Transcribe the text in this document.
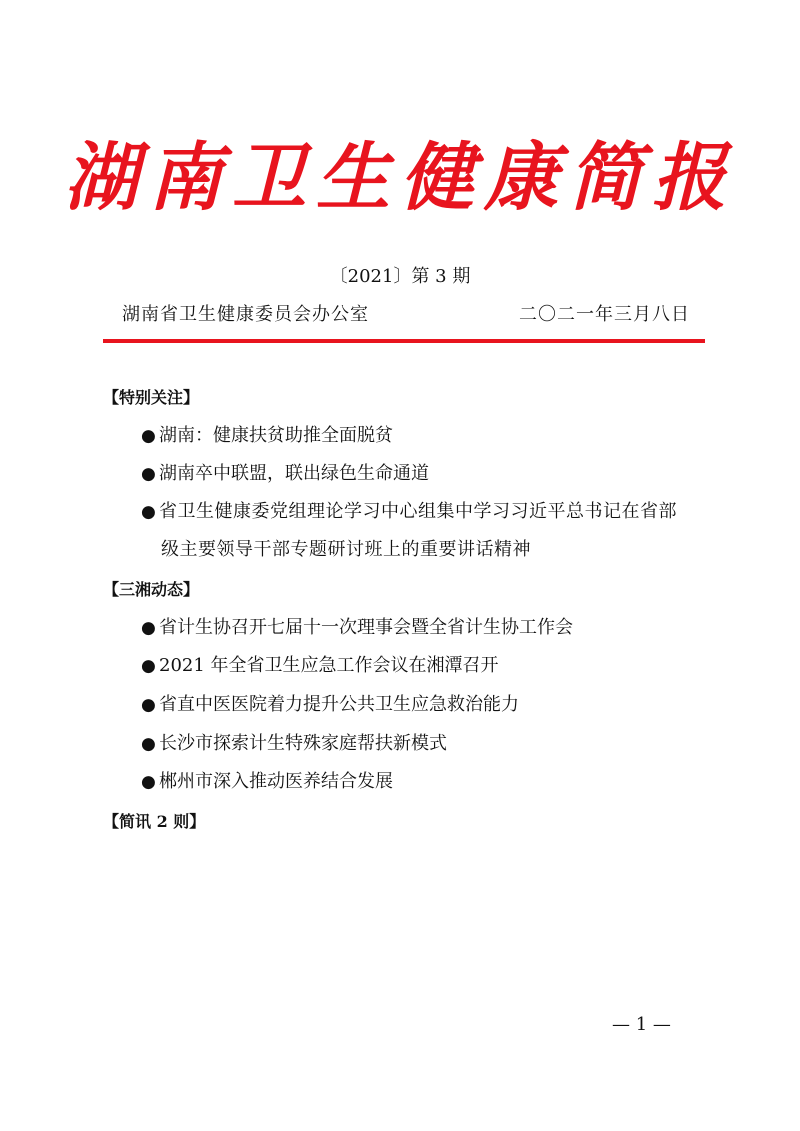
湖南卫生健康简报
〔2021〕第 3 期
湖南省卫生健康委员会办公室	二〇二一年三月八日
【特别关注】
● 湖南：健康扶贫助推全面脱贫
● 湖南卒中联盟，联出绿色生命通道
● 省卫生健康委党组理论学习中心组集中学习习近平总书记在省部
级主要领导干部专题研讨班上的重要讲话精神
【三湘动态】
● 省计生协召开七届十一次理事会暨全省计生协工作会
● 2021 年全省卫生应急工作会议在湘潭召开
● 省直中医医院着力提升公共卫生应急救治能力
● 长沙市探索计生特殊家庭帮扶新模式
● 郴州市深入推动医养结合发展
【简讯 2 则】
— 1 —
